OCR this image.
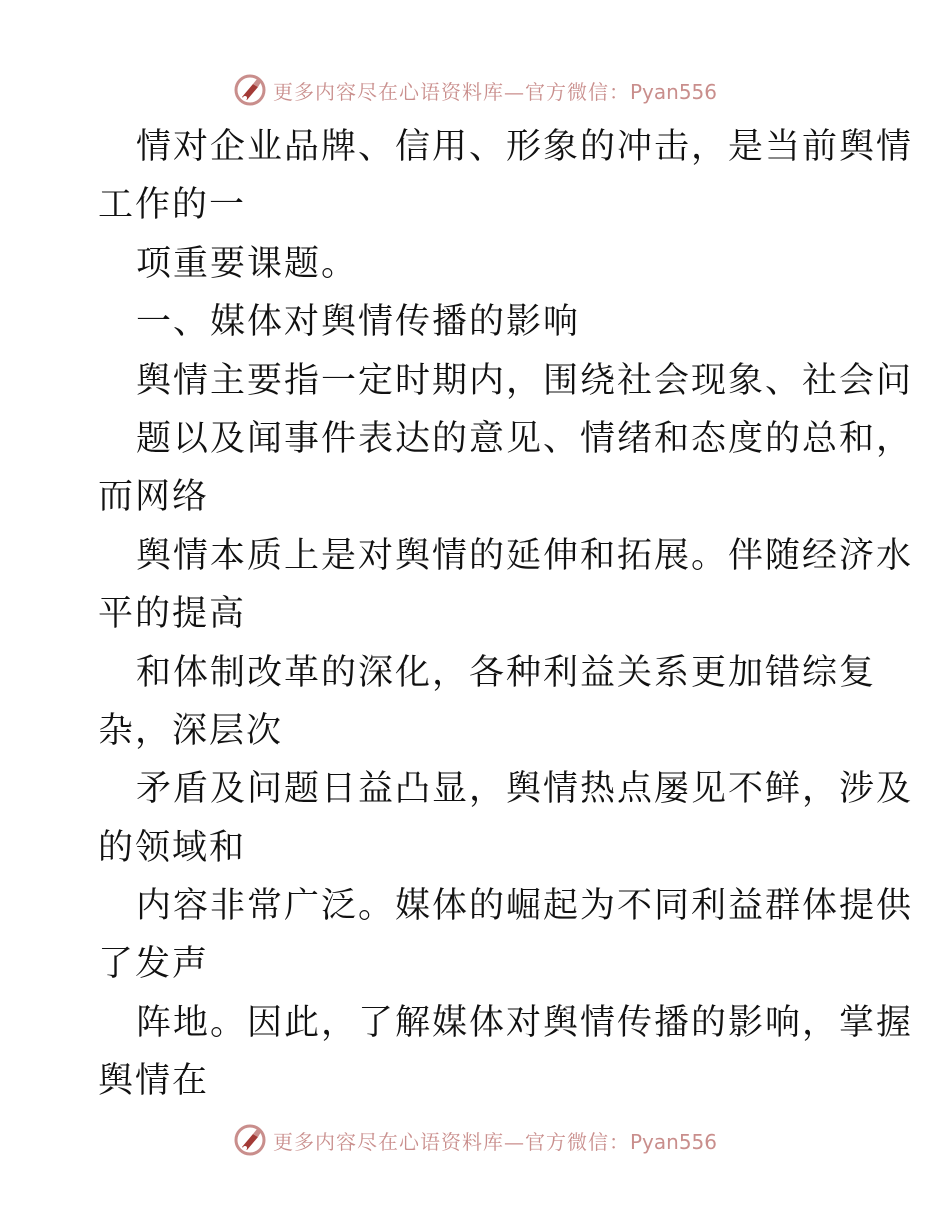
更多内容尽在心语资料库—官方微信：Pyan556
情对企业品牌、信用、形象的冲击，是当前舆情
工作的一
项重要课题。
一、媒体对舆情传播的影响
舆情主要指一定时期内，围绕社会现象、社会问
题以及闻事件表达的意见、情绪和态度的总和，
而网络
舆情本质上是对舆情的延伸和拓展。伴随经济水
平的提高
和体制改革的深化，各种利益关系更加错综复
杂，深层次
矛盾及问题日益凸显，舆情热点屡见不鲜，涉及
的领域和
内容非常广泛。媒体的崛起为不同利益群体提供
了发声
阵地。因此，了解媒体对舆情传播的影响，掌握
舆情在
更多内容尽在心语资料库—官方微信：Pyan556
